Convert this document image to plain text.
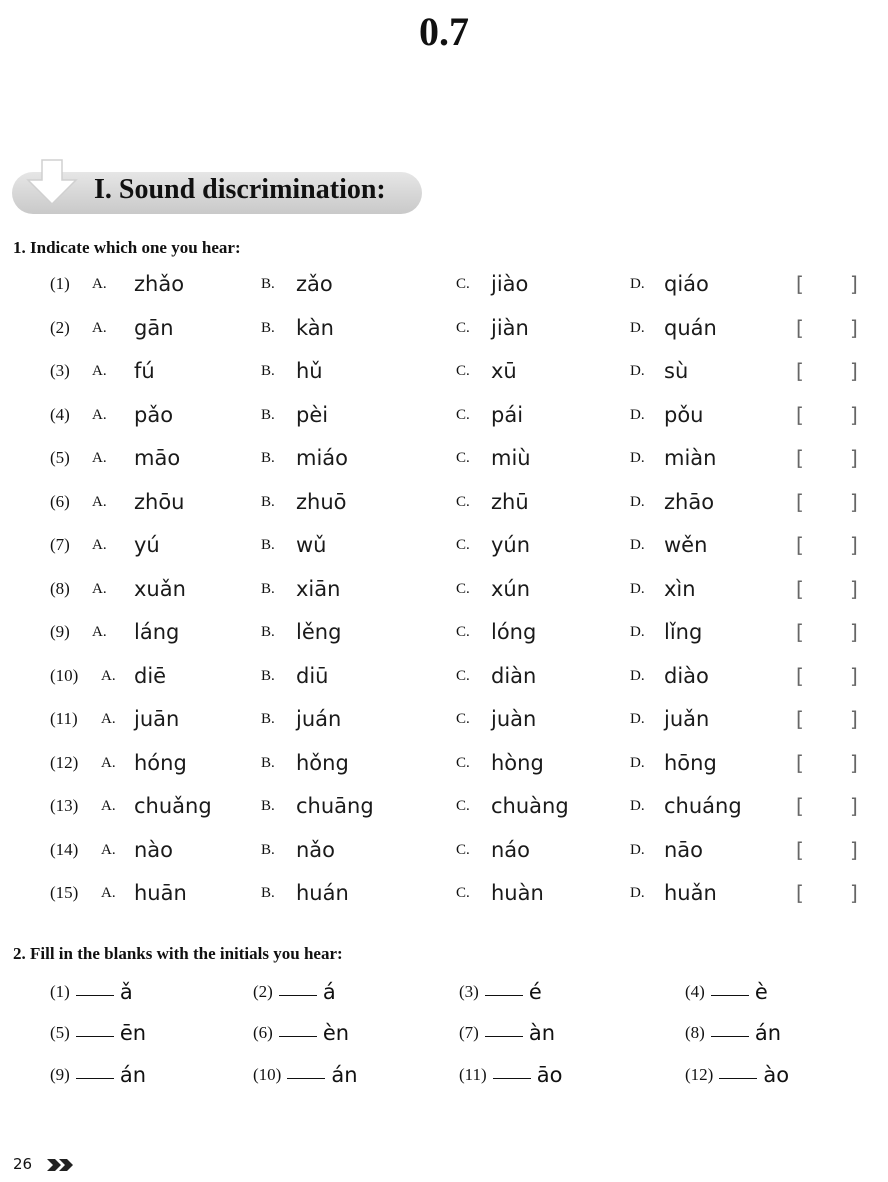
0.7
I. Sound discrimination:
1. Indicate which one you hear:
(1) A. zhǎo	B. zǎo	C. jiào	D. qiáo	[ ]
(2) A. gān	B. kàn	C. jiàn	D. quán	[ ]
(3) A. fú	B. hǔ	C. xū	D. sù	[ ]
(4) A. pǎo	B. pèi	C. pái	D. pǒu	[ ]
(5) A. māo	B. miáo	C. miù	D. miàn	[ ]
(6) A. zhōu	B. zhuō	C. zhū	D. zhāo	[ ]
(7) A. yú	B. wǔ	C. yún	D. wěn	[ ]
(8) A. xuǎn	B. xiān	C. xún	D. xìn	[ ]
(9) A. láng	B. lěng	C. lóng	D. lǐng	[ ]
(10) A. diē	B. diū	C. diàn	D. diào	[ ]
(11) A. juān	B. juán	C. juàn	D. juǎn	[ ]
(12) A. hóng	B. hǒng	C. hòng	D. hōng	[ ]
(13) A. chuǎng	B. chuāng	C. chuàng	D. chuáng	[ ]
(14) A. nào	B. nǎo	C. náo	D. nāo	[ ]
(15) A. huān	B. huán	C. huàn	D. huǎn	[ ]
2. Fill in the blanks with the initials you hear:
(1) ǎ	(2) á	(3) é	(4) è
(5) ēn	(6) èn	(7) àn	(8) án
(9) án	(10) án	(11) āo	(12) ào
26
